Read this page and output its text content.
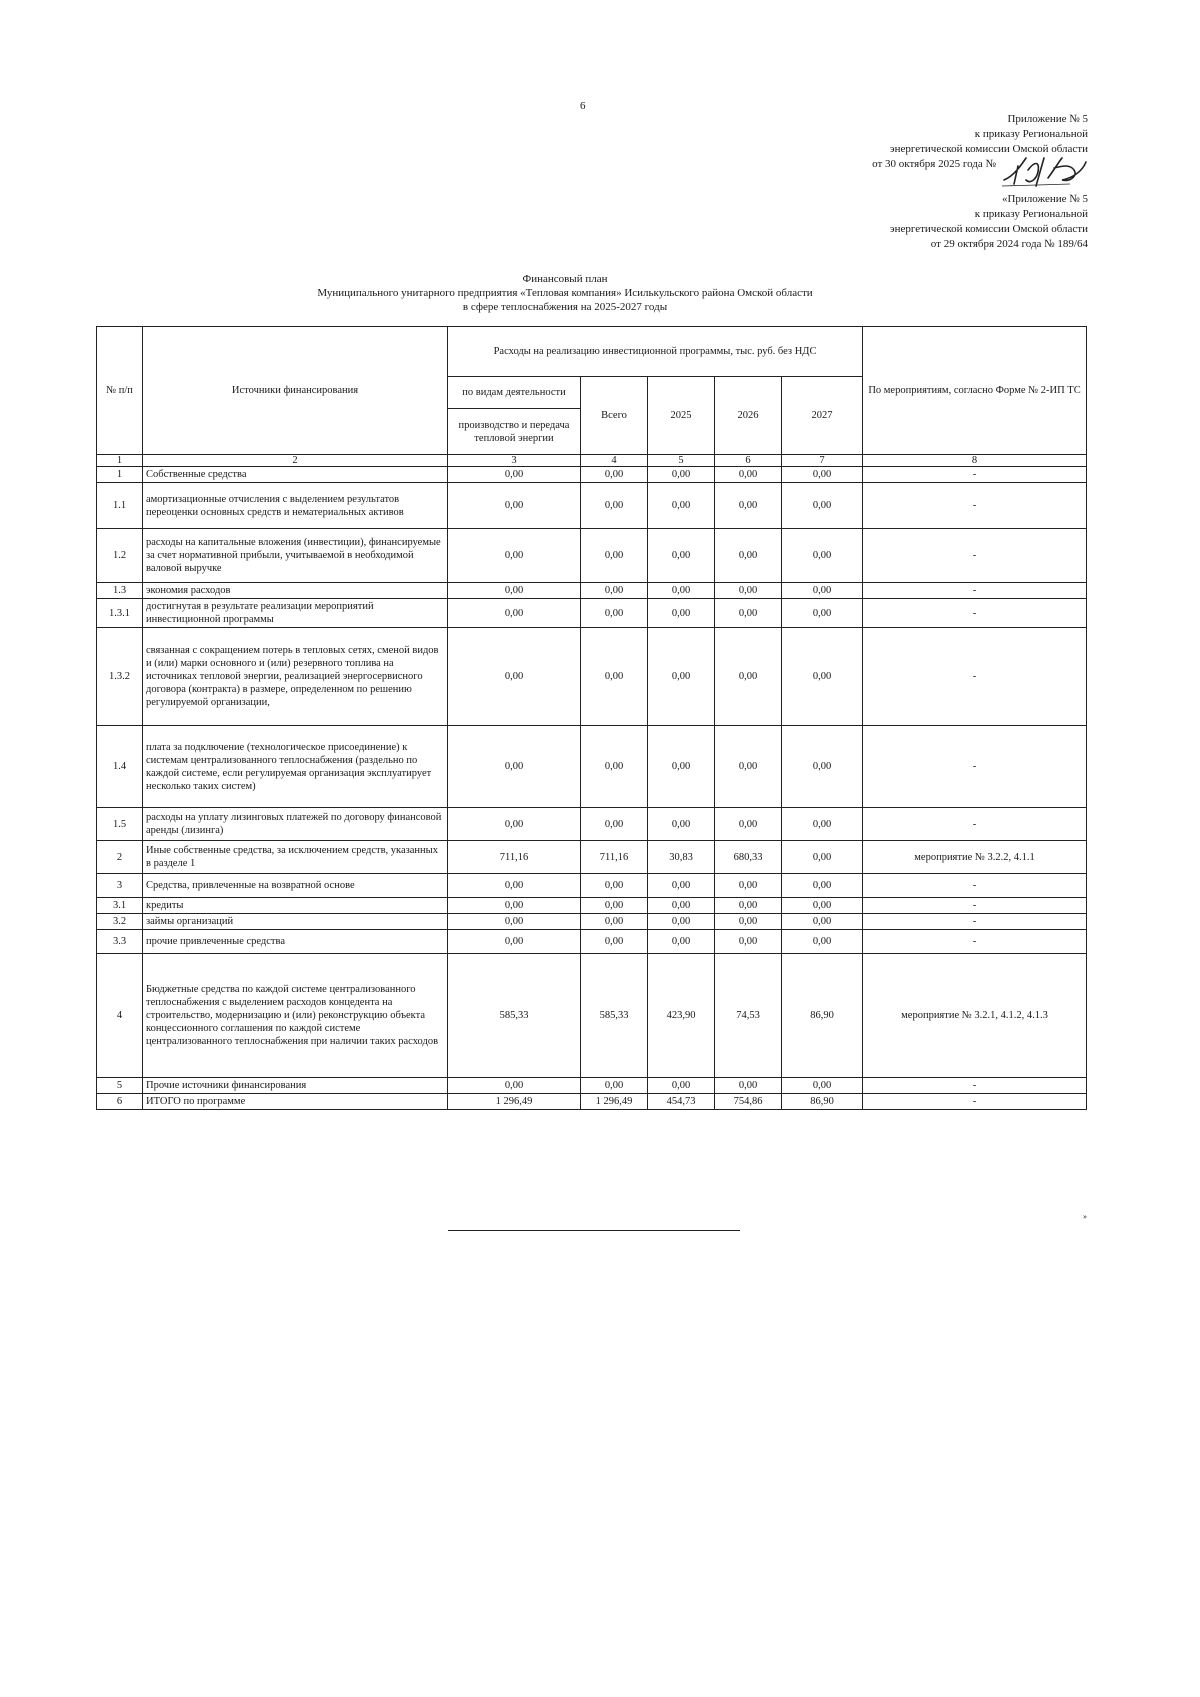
6
Приложение № 5
к приказу Региональной
энергетической комиссии Омской области
от 30 октября 2025 года №
«Приложение № 5
к приказу Региональной
энергетической комиссии Омской области
от 29 октября 2024 года № 189/64
Финансовый план
Муниципального унитарного предприятия «Тепловая компания» Исилькульского района Омской области
в сфере теплоснабжения на 2025-2027 годы
№ п/п	Источники финансирования	Расходы на реализацию инвестиционной программы, тыс. руб. без НДС					По мероприятиям, согласно Форме № 2-ИП ТС
		по видам деятельности	Всего	2025	2026	2027	
		производство и передача тепловой энергии					
1	2	3	4	5	6	7	8
1	Собственные средства	0,00	0,00	0,00	0,00	0,00	-
1.1	амортизационные отчисления с выделением результатов переоценки основных средств и нематериальных активов	0,00	0,00	0,00	0,00	0,00	-
1.2	расходы на капитальные вложения (инвестиции), финансируемые за счет нормативной прибыли, учитываемой в необходимой валовой выручке	0,00	0,00	0,00	0,00	0,00	-
1.3	экономия расходов	0,00	0,00	0,00	0,00	0,00	-
1.3.1	достигнутая в результате реализации мероприятий инвестиционной программы	0,00	0,00	0,00	0,00	0,00	-
1.3.2	связанная с сокращением потерь в тепловых сетях, сменой видов и (или) марки основного и (или) резервного топлива на источниках тепловой энергии, реализацией энергосервисного договора (контракта) в размере, определенном по решению регулируемой организации,	0,00	0,00	0,00	0,00	0,00	-
1.4	плата за подключение (технологическое присоединение) к системам централизованного теплоснабжения (раздельно по каждой системе, если регулируемая организация эксплуатирует несколько таких систем)	0,00	0,00	0,00	0,00	0,00	-
1.5	расходы на уплату лизинговых платежей по договору финансовой аренды (лизинга)	0,00	0,00	0,00	0,00	0,00	-
2	Иные собственные средства, за исключением средств, указанных в разделе 1	711,16	711,16	30,83	680,33	0,00	мероприятие № 3.2.2, 4.1.1
3	Средства, привлеченные на возвратной основе	0,00	0,00	0,00	0,00	0,00	-
3.1	кредиты	0,00	0,00	0,00	0,00	0,00	-
3.2	займы организаций	0,00	0,00	0,00	0,00	0,00	-
3.3	прочие привлеченные средства	0,00	0,00	0,00	0,00	0,00	-
4	Бюджетные средства по каждой системе централизованного теплоснабжения с выделением расходов концедента на строительство, модернизацию и (или) реконструкцию объекта концессионного соглашения по каждой системе централизованного теплоснабжения при наличии таких расходов	585,33	585,33	423,90	74,53	86,90	мероприятие № 3.2.1, 4.1.2, 4.1.3
5	Прочие источники финансирования	0,00	0,00	0,00	0,00	0,00	-
6	ИТОГО по программе	1 296,49	1 296,49	454,73	754,86	86,90	-
»
